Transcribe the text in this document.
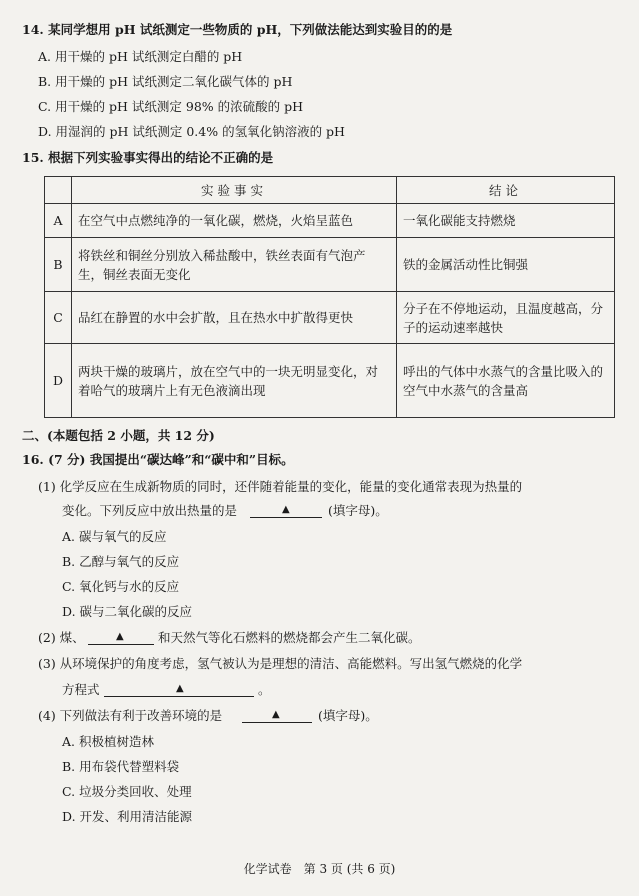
14. 某同学想用 pH 试纸测定一些物质的 pH，下列做法能达到实验目的的是
A. 用干燥的 pH 试纸测定白醋的 pH
B. 用干燥的 pH 试纸测定二氧化碳气体的 pH
C. 用干燥的 pH 试纸测定 98% 的浓硫酸的 pH
D. 用湿润的 pH 试纸测定 0.4% 的氢氧化钠溶液的 pH
15. 根据下列实验事实得出的结论不正确的是
	实验事实	结论
A	在空气中点燃纯净的一氧化碳，燃烧，火焰呈蓝色	一氧化碳能支持燃烧
B	将铁丝和铜丝分别放入稀盐酸中，铁丝表面有气泡产生，铜丝表面无变化	铁的金属活动性比铜强
C	品红在静置的水中会扩散，且在热水中扩散得更快	分子在不停地运动，且温度越高，分子的运动速率越快
D	两块干燥的玻璃片，放在空气中的一块无明显变化，对着哈气的玻璃片上有无色液滴出现	呼出的气体中水蒸气的含量比吸入的空气中水蒸气的含量高
二、(本题包括 2 小题，共 12 分)
16. (7 分) 我国提出“碳达峰”和“碳中和”目标。
(1) 化学反应在生成新物质的同时，还伴随着能量的变化，能量的变化通常表现为热量的
变化。下列反应中放出热量的是	▲	(填字母)。
A. 碳与氧气的反应
B. 乙醇与氧气的反应
C. 氧化钙与水的反应
D. 碳与二氧化碳的反应
(2) 煤、	▲	和天然气等化石燃料的燃烧都会产生二氧化碳。
(3) 从环境保护的角度考虑，氢气被认为是理想的清洁、高能燃料。写出氢气燃烧的化学
方程式	▲	。
(4) 下列做法有利于改善环境的是	▲	(填字母)。
A. 积极植树造林
B. 用布袋代替塑料袋
C. 垃圾分类回收、处理
D. 开发、利用清洁能源
化学试卷　第 3 页 (共 6 页)
